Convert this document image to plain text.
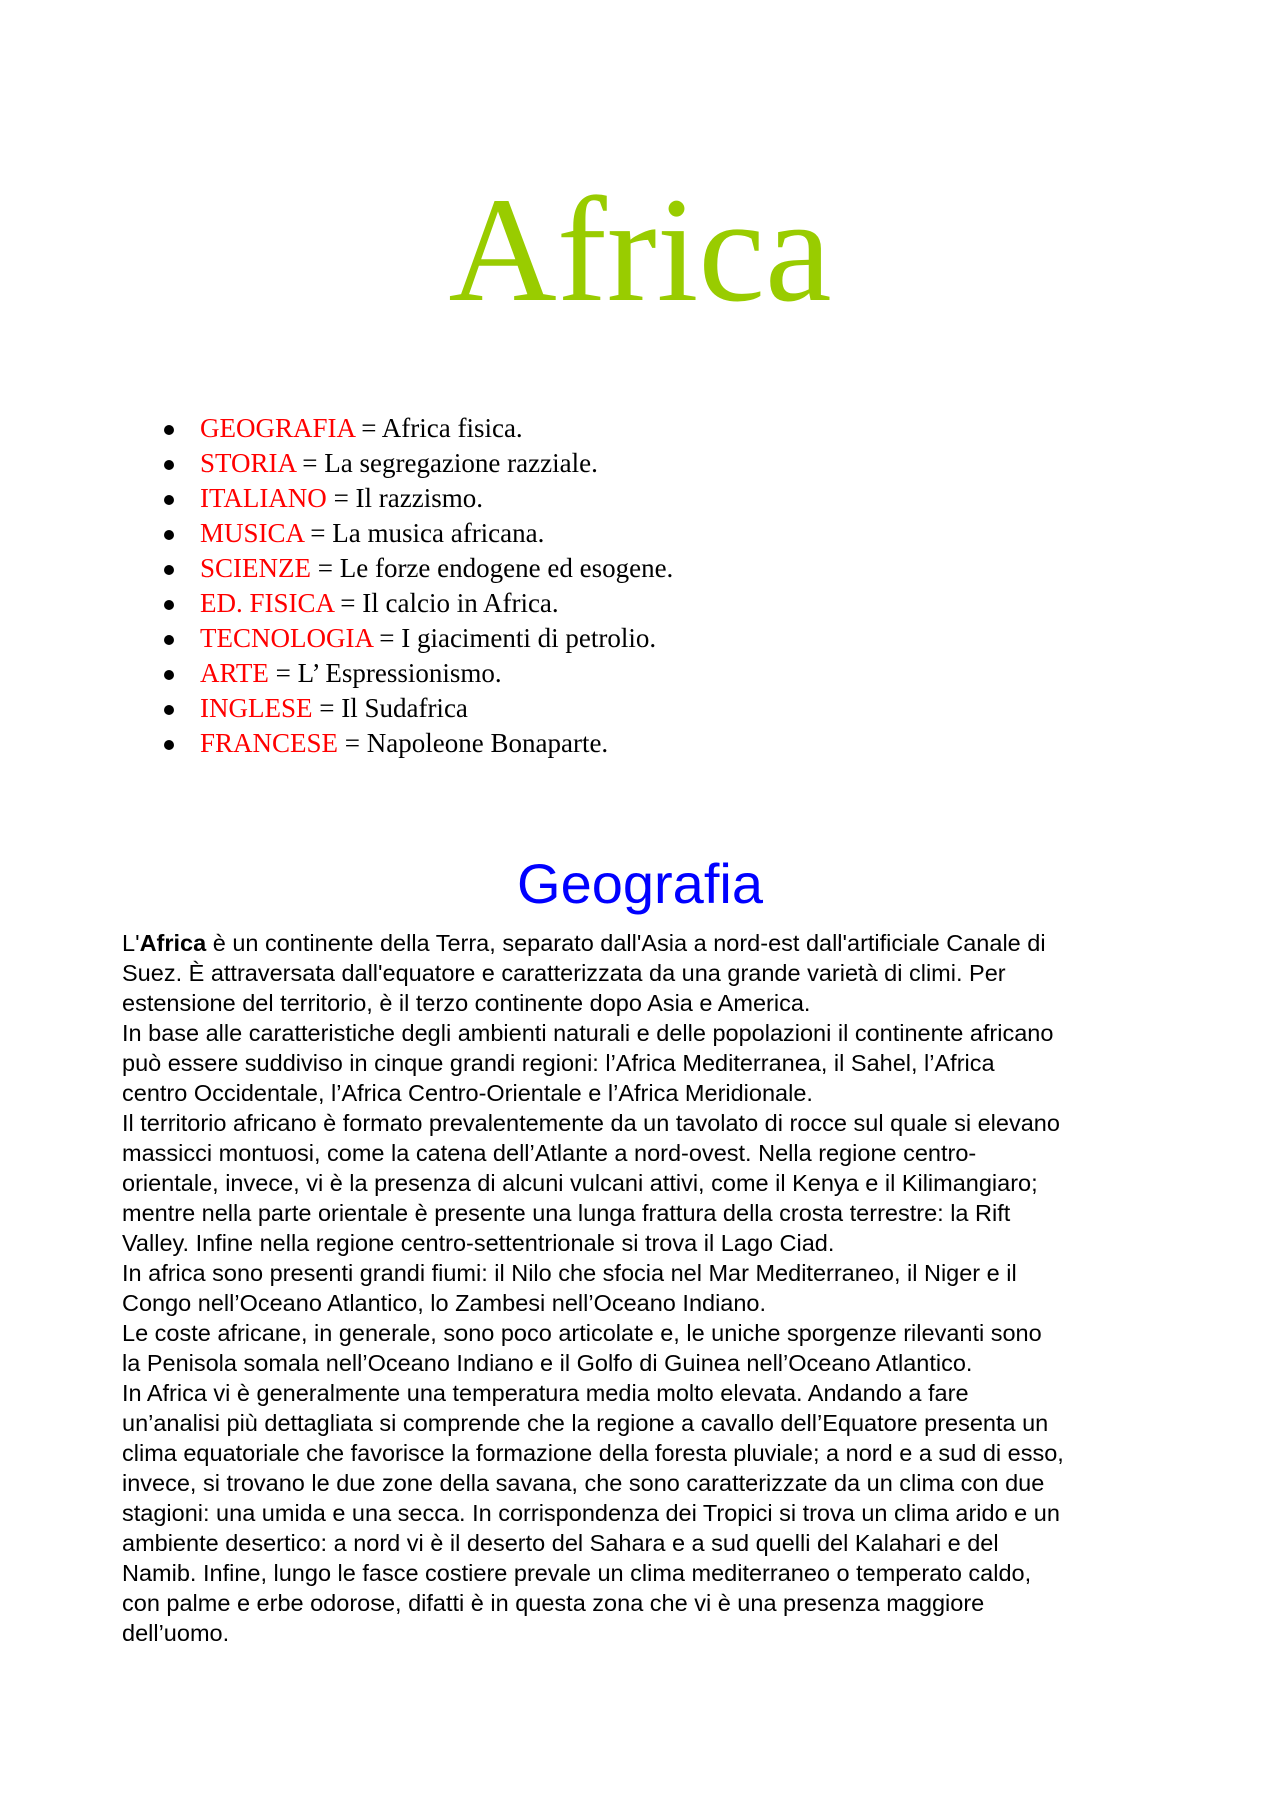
Africa
GEOGRAFIA = Africa fisica.
STORIA = La segregazione razziale.
ITALIANO = Il razzismo.
MUSICA = La musica africana.
SCIENZE = Le forze endogene ed esogene.
ED. FISICA = Il calcio in Africa.
TECNOLOGIA = I giacimenti di petrolio.
ARTE = L’ Espressionismo.
INGLESE = Il Sudafrica
FRANCESE = Napoleone Bonaparte.
Geografia
L'Africa è un continente della Terra, separato dall'Asia a nord-est dall'artificiale Canale di
Suez. È attraversata dall'equatore e caratterizzata da una grande varietà di climi. Per
estensione del territorio, è il terzo continente dopo Asia e America.
In base alle caratteristiche degli ambienti naturali e delle popolazioni il continente africano
può essere suddiviso in cinque grandi regioni: l’Africa Mediterranea, il Sahel, l’Africa
centro Occidentale, l’Africa Centro-Orientale e l’Africa Meridionale.
Il territorio africano è formato prevalentemente da un tavolato di rocce sul quale si elevano
massicci montuosi, come la catena dell’Atlante a nord-ovest. Nella regione centro-
orientale, invece, vi è la presenza di alcuni vulcani attivi, come il Kenya e il Kilimangiaro;
mentre nella parte orientale è presente una lunga frattura della crosta terrestre: la Rift
Valley. Infine nella regione centro-settentrionale si trova il Lago Ciad.
In africa sono presenti grandi fiumi: il Nilo che sfocia nel Mar Mediterraneo, il Niger e il
Congo nell’Oceano Atlantico, lo Zambesi nell’Oceano Indiano.
Le coste africane, in generale, sono poco articolate e, le uniche sporgenze rilevanti sono
la Penisola somala nell’Oceano Indiano e il Golfo di Guinea nell’Oceano Atlantico.
In Africa vi è generalmente una temperatura media molto elevata. Andando a fare
un’analisi più dettagliata si comprende che la regione a cavallo dell’Equatore presenta un
clima equatoriale che favorisce la formazione della foresta pluviale; a nord e a sud di esso,
invece, si trovano le due zone della savana, che sono caratterizzate da un clima con due
stagioni: una umida e una secca. In corrispondenza dei Tropici si trova un clima arido e un
ambiente desertico: a nord vi è il deserto del Sahara e a sud quelli del Kalahari e del
Namib. Infine, lungo le fasce costiere prevale un clima mediterraneo o temperato caldo,
con palme e erbe odorose, difatti è in questa zona che vi è una presenza maggiore
dell’uomo.
